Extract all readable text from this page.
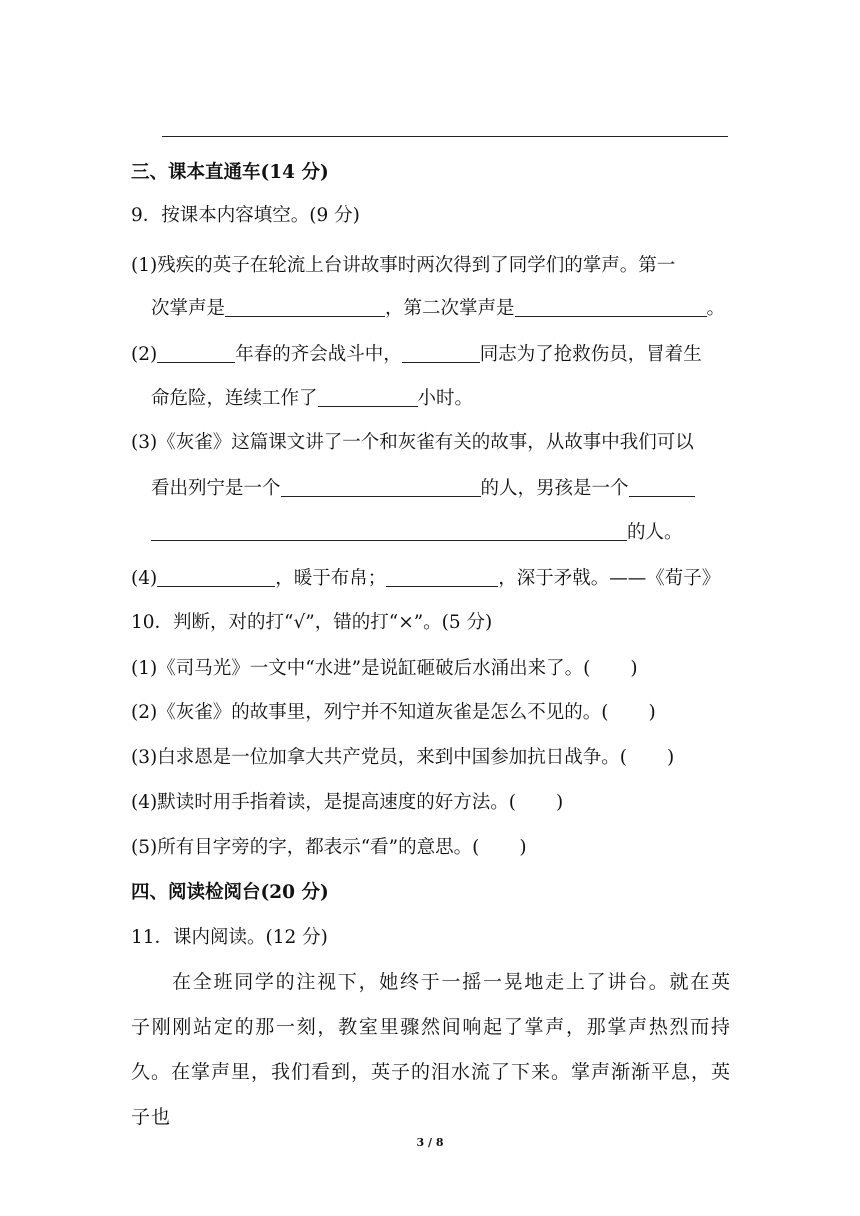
三、课本直通车(14 分)
9．按课本内容填空。(9 分)
(1)残疾的英子在轮流上台讲故事时两次得到了同学们的掌声。第一
次掌声是	，第二次掌声是	。
(2)	年春的齐会战斗中，	同志为了抢救伤员，冒着生
命危险，连续工作了	小时。
(3)《灰雀》这篇课文讲了一个和灰雀有关的故事，从故事中我们可以
看出列宁是一个	的人，男孩是一个
的人。
(4)	，暖于布帛；	，深于矛戟。——《荀子》
10．判断，对的打“√”，错的打“×”。(5 分)
(1)《司马光》一文中“水进”是说缸砸破后水涌出来了。( )
(2)《灰雀》的故事里，列宁并不知道灰雀是怎么不见的。( )
(3)白求恩是一位加拿大共产党员，来到中国参加抗日战争。( )
(4)默读时用手指着读，是提高速度的好方法。( )
(5)所有目字旁的字，都表示“看”的意思。( )
四、阅读检阅台(20 分)
11．课内阅读。(12 分)
在全班同学的注视下，她终于一摇一晃地走上了讲台。就在英子刚刚站定的那一刻，教室里骤然间响起了掌声，那掌声热烈而持久。在掌声里，我们看到，英子的泪水流了下来。掌声渐渐平息，英子也
3 / 8
